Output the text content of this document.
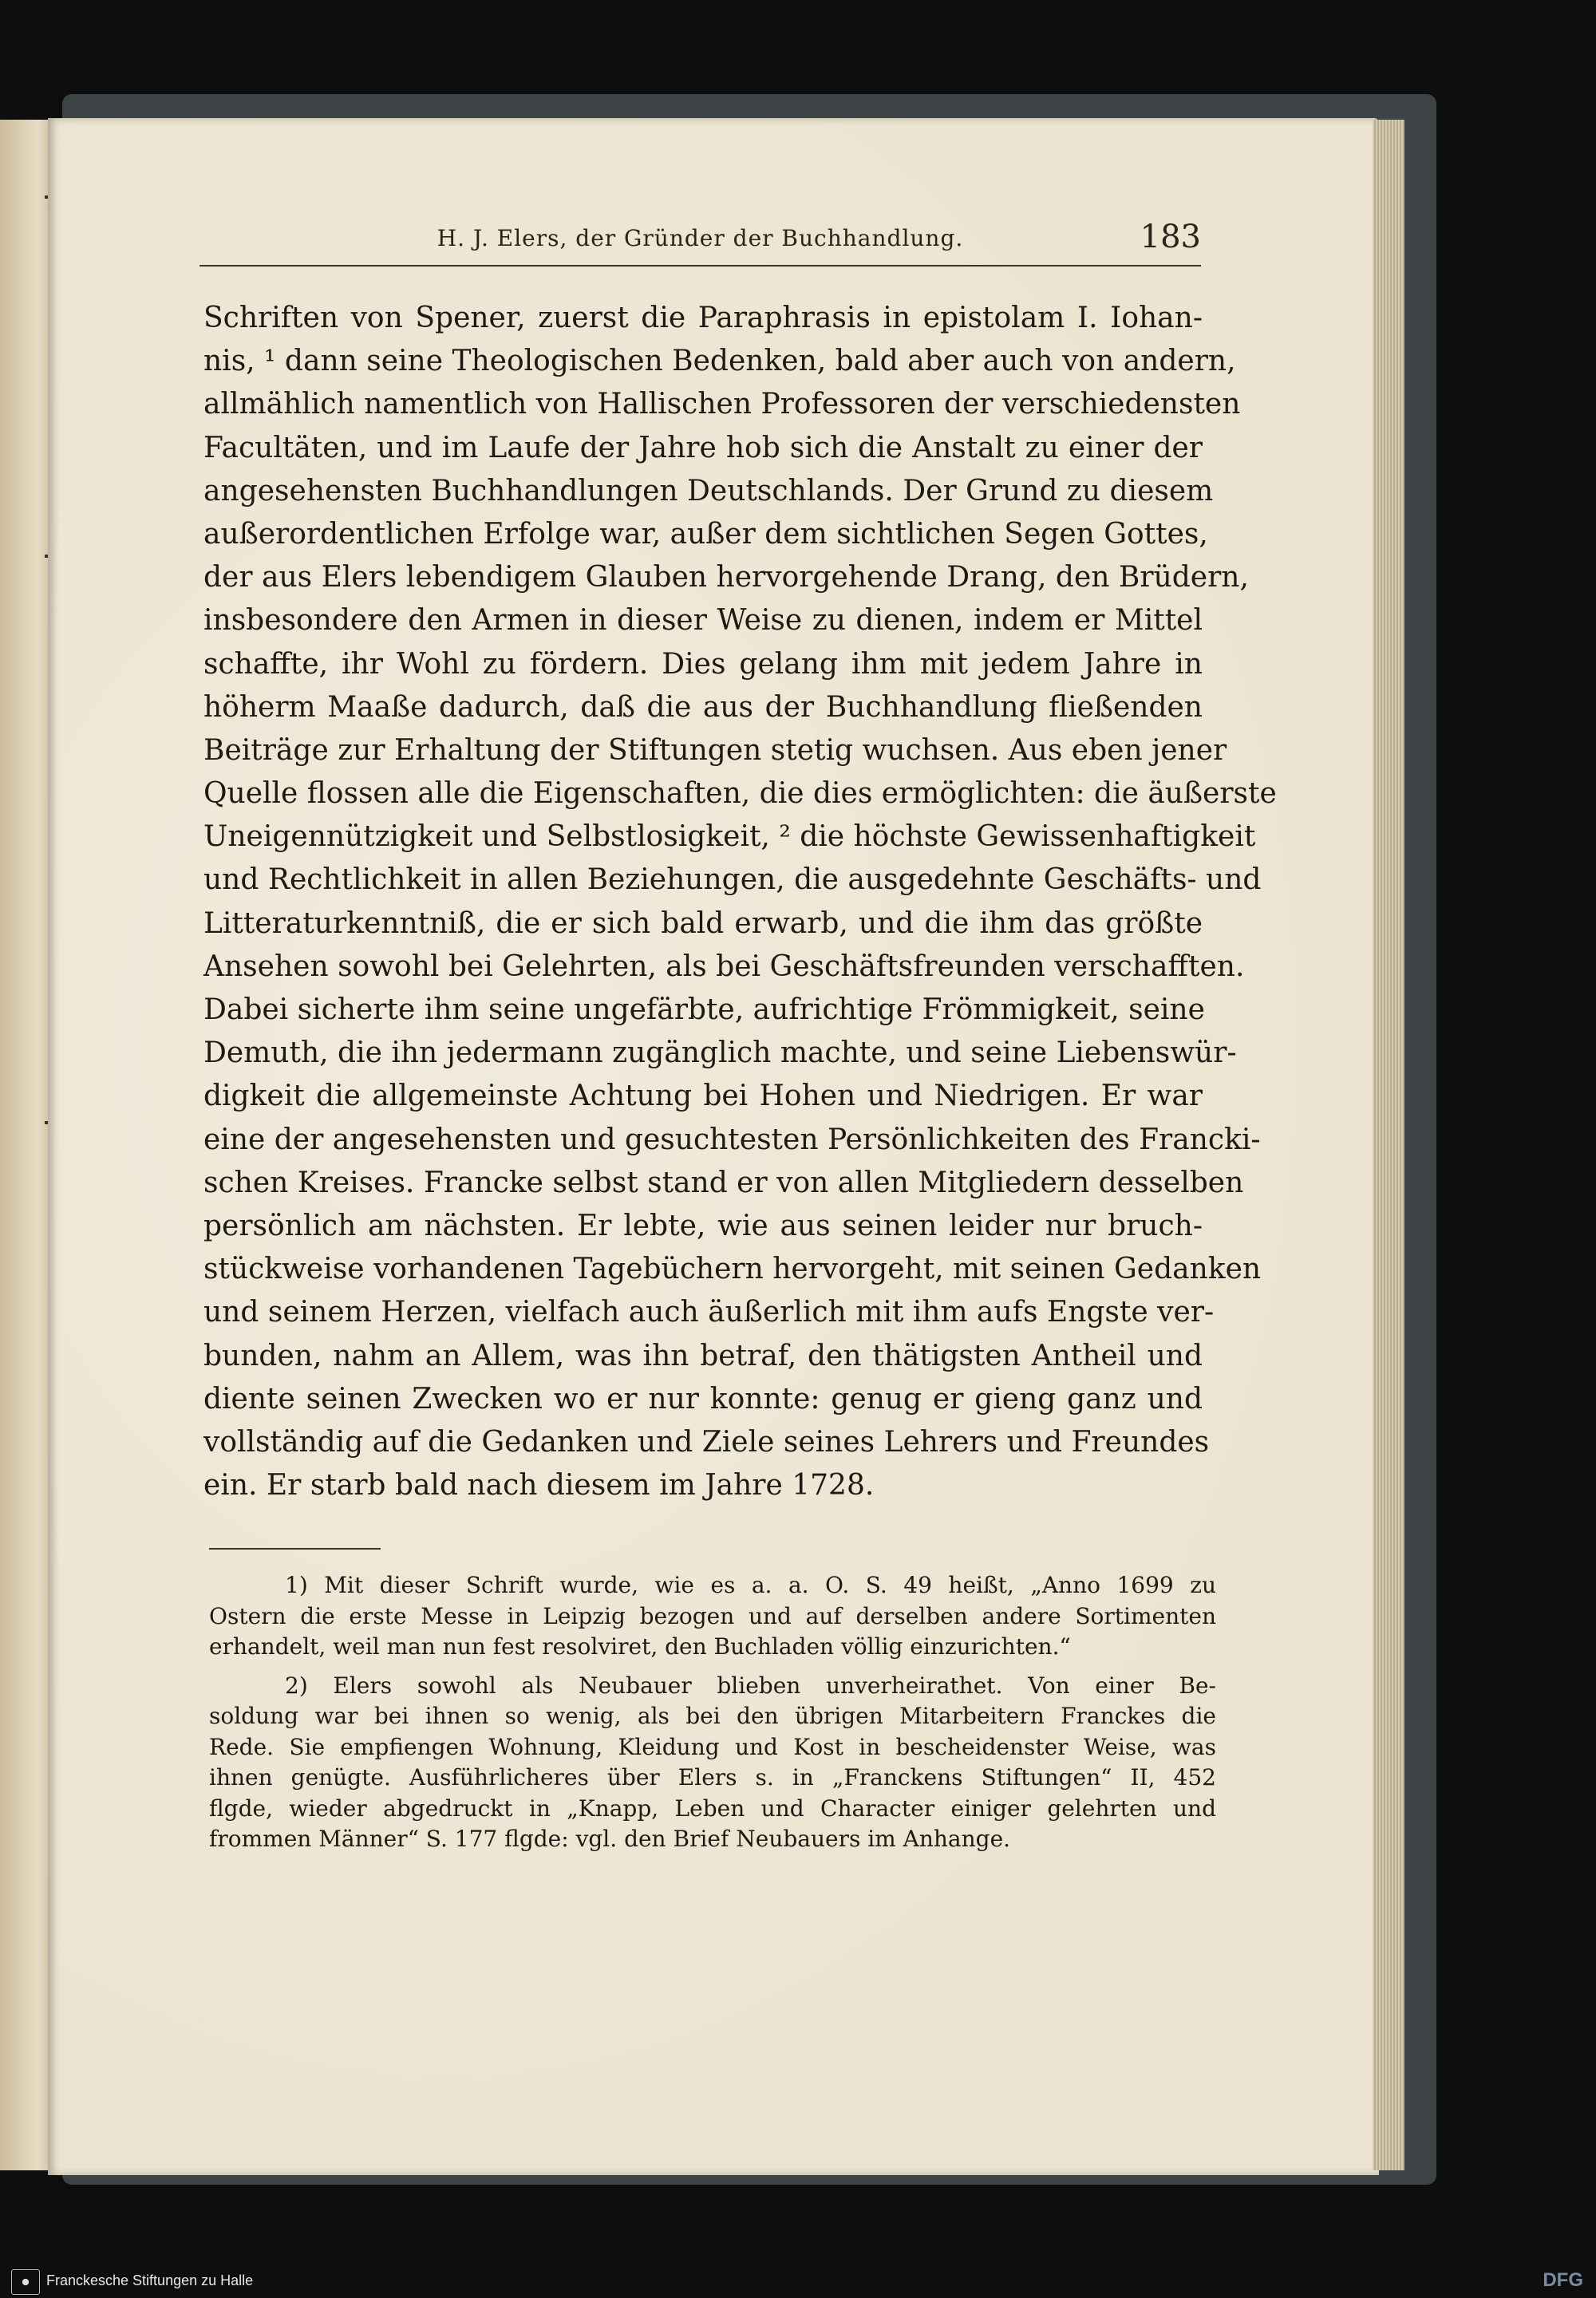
H. J. Elers, der Gründer der Buchhandlung.	183
Schriften von Spener, zuerst die Paraphrasis in epistolam I. Iohan-
nis, ¹ dann seine Theologischen Bedenken, bald aber auch von andern,
allmählich namentlich von Hallischen Professoren der verschiedensten
Facultäten, und im Laufe der Jahre hob sich die Anstalt zu einer der
angesehensten Buchhandlungen Deutschlands. Der Grund zu diesem
außerordentlichen Erfolge war, außer dem sichtlichen Segen Gottes,
der aus Elers lebendigem Glauben hervorgehende Drang, den Brüdern,
insbesondere den Armen in dieser Weise zu dienen, indem er Mittel
schaffte, ihr Wohl zu fördern. Dies gelang ihm mit jedem Jahre in
höherm Maaße dadurch, daß die aus der Buchhandlung fließenden
Beiträge zur Erhaltung der Stiftungen stetig wuchsen. Aus eben jener
Quelle flossen alle die Eigenschaften, die dies ermöglichten: die äußerste
Uneigennützigkeit und Selbstlosigkeit, ² die höchste Gewissenhaftigkeit
und Rechtlichkeit in allen Beziehungen, die ausgedehnte Geschäfts- und
Litteraturkenntniß, die er sich bald erwarb, und die ihm das größte
Ansehen sowohl bei Gelehrten, als bei Geschäftsfreunden verschafften.
Dabei sicherte ihm seine ungefärbte, aufrichtige Frömmigkeit, seine
Demuth, die ihn jedermann zugänglich machte, und seine Liebenswür-
digkeit die allgemeinste Achtung bei Hohen und Niedrigen. Er war
eine der angesehensten und gesuchtesten Persönlichkeiten des Francki-
schen Kreises. Francke selbst stand er von allen Mitgliedern desselben
persönlich am nächsten. Er lebte, wie aus seinen leider nur bruch-
stückweise vorhandenen Tagebüchern hervorgeht, mit seinen Gedanken
und seinem Herzen, vielfach auch äußerlich mit ihm aufs Engste ver-
bunden, nahm an Allem, was ihn betraf, den thätigsten Antheil und
diente seinen Zwecken wo er nur konnte: genug er gieng ganz und
vollständig auf die Gedanken und Ziele seines Lehrers und Freundes
ein. Er starb bald nach diesem im Jahre 1728.
1) Mit dieser Schrift wurde, wie es a. a. O. S. 49 heißt, „Anno 1699 zu
Ostern die erste Messe in Leipzig bezogen und auf derselben andere Sortimenten
erhandelt, weil man nun fest resolviret, den Buchladen völlig einzurichten.“
2) Elers sowohl als Neubauer blieben unverheirathet. Von einer Be-
soldung war bei ihnen so wenig, als bei den übrigen Mitarbeitern Franckes die
Rede. Sie empfiengen Wohnung, Kleidung und Kost in bescheidenster Weise, was
ihnen genügte. Ausführlicheres über Elers s. in „Franckens Stiftungen“ II, 452
flgde, wieder abgedruckt in „Knapp, Leben und Character einiger gelehrten und
frommen Männer“ S. 177 flgde: vgl. den Brief Neubauers im Anhange.
Franckesche Stiftungen zu Halle	DFG
